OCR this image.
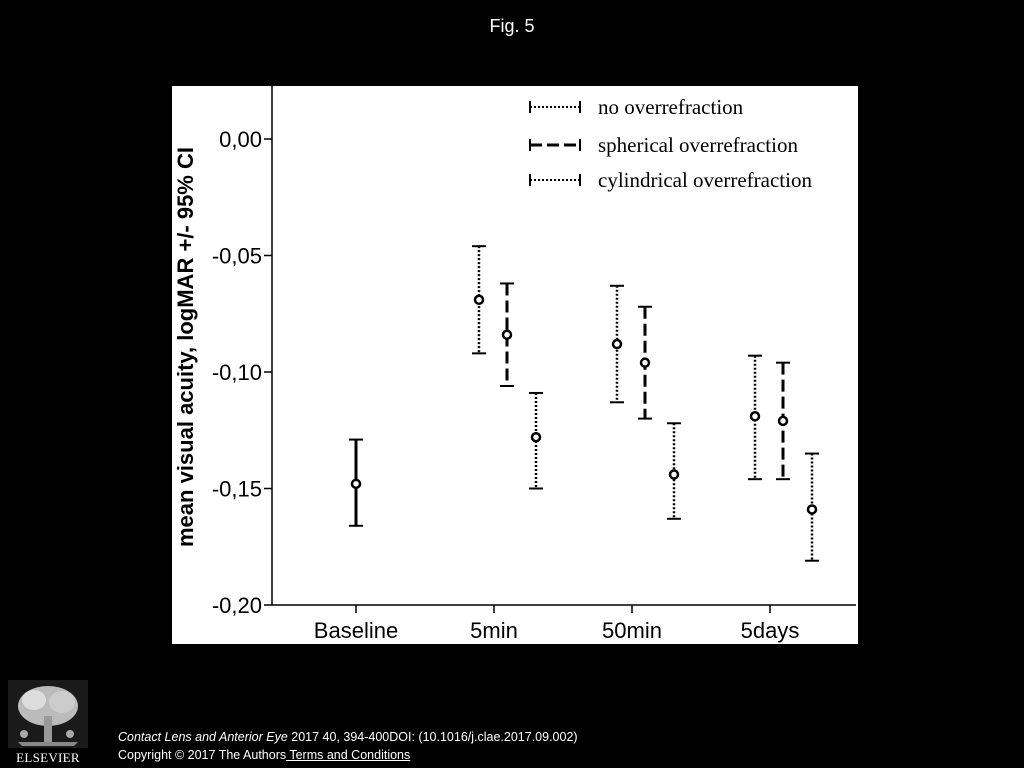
Fig. 5
0,00
-0,05
-0,10
-0,15
-0,20
Baseline	5min	50min	5days
no overrefraction
spherical overrefraction
cylindrical overrefraction
mean visual acuity, logMAR +/- 95% CI
ELSEVIER
Contact Lens and Anterior Eye 2017 40, 394-400DOI: (10.1016/j.clae.2017.09.002)
Copyright © 2017 The Authors Terms and Conditions
